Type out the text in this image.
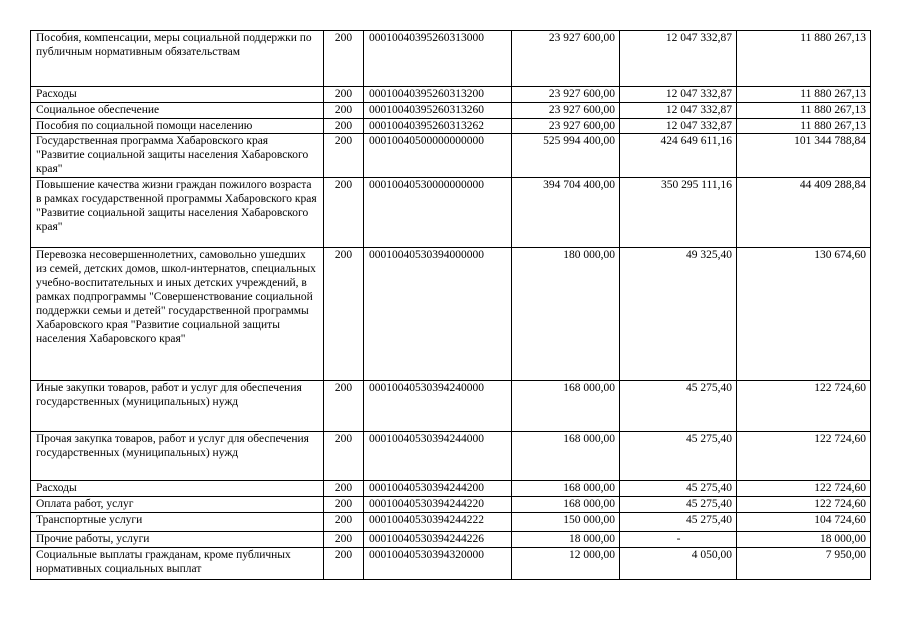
Пособия, компенсации, меры социальной поддержки по публичным нормативным обязательствам	200	00010040395260313000	23 927 600,00	12 047 332,87	11 880 267,13
Расходы	200	00010040395260313200	23 927 600,00	12 047 332,87	11 880 267,13
Социальное обеспечение	200	00010040395260313260	23 927 600,00	12 047 332,87	11 880 267,13
Пособия по социальной помощи населению	200	00010040395260313262	23 927 600,00	12 047 332,87	11 880 267,13
Государственная программа Хабаровского края "Развитие социальной защиты населения Хабаровского края"	200	00010040500000000000	525 994 400,00	424 649 611,16	101 344 788,84
Повышение качества жизни граждан пожилого возраста в рамках государственной программы Хабаровского края "Развитие социальной защиты населения Хабаровского края"	200	00010040530000000000	394 704 400,00	350 295 111,16	44 409 288,84
Перевозка несовершеннолетних, самовольно ушедших из семей, детских домов, школ-интернатов, специальных учебно-воспитательных и иных детских учреждений, в рамках подпрограммы "Совершенствование социальной поддержки семьи и детей" государственной программы Хабаровского края "Развитие социальной защиты населения Хабаровского края"	200	00010040530394000000	180 000,00	49 325,40	130 674,60
Иные закупки товаров, работ и услуг для обеспечения государственных (муниципальных) нужд	200	00010040530394240000	168 000,00	45 275,40	122 724,60
Прочая закупка товаров, работ и услуг для обеспечения государственных (муниципальных) нужд	200	00010040530394244000	168 000,00	45 275,40	122 724,60
Расходы	200	00010040530394244200	168 000,00	45 275,40	122 724,60
Оплата работ, услуг	200	00010040530394244220	168 000,00	45 275,40	122 724,60
Транспортные услуги	200	00010040530394244222	150 000,00	45 275,40	104 724,60
Прочие работы, услуги	200	00010040530394244226	18 000,00	-	18 000,00
Социальные выплаты гражданам, кроме публичных нормативных социальных выплат	200	00010040530394320000	12 000,00	4 050,00	7 950,00
